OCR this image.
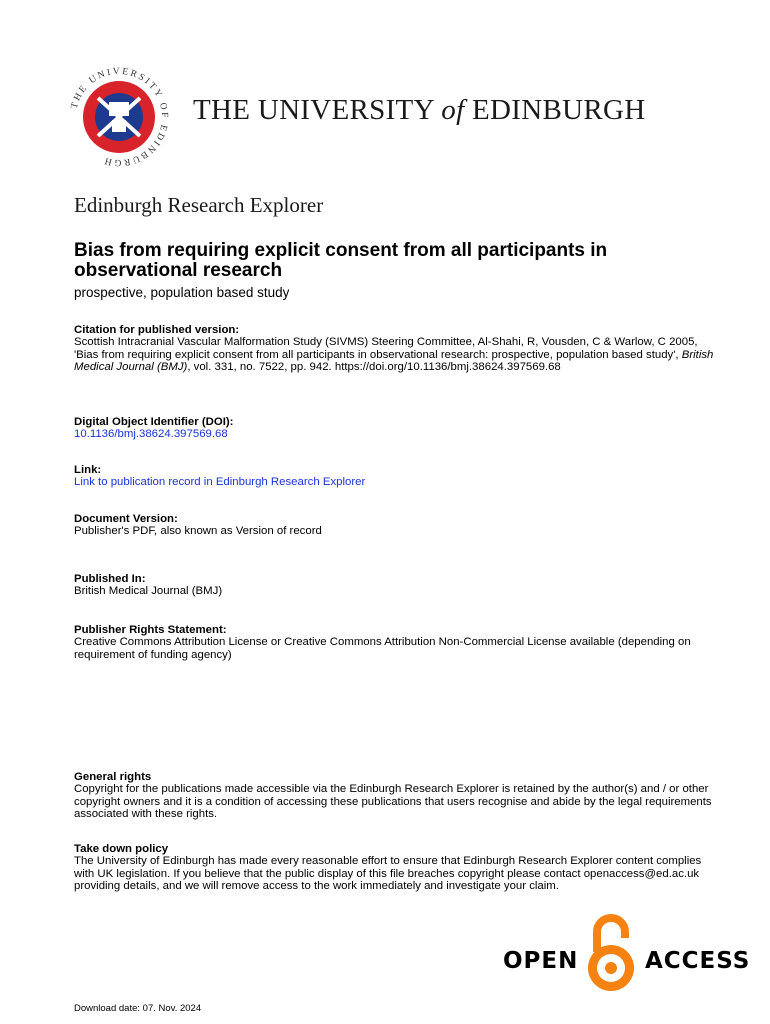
THE UNIVERSITY OF EDINBURGH
THE UNIVERSITY of EDINBURGH
Edinburgh Research Explorer
Bias from requiring explicit consent from all participants in observational research

prospective, population based study

Citation for published version:
Scottish Intracranial Vascular Malformation Study (SIVMS) Steering Committee, Al-Shahi, R, Vousden, C & Warlow, C 2005, 'Bias from requiring explicit consent from all participants in observational research: prospective, population based study', British Medical Journal (BMJ), vol. 331, no. 7522, pp. 942. https://doi.org/10.1136/bmj.38624.397569.68
Digital Object Identifier (DOI):
10.1136/bmj.38624.397569.68
Link:
Link to publication record in Edinburgh Research Explorer
Document Version:
Publisher's PDF, also known as Version of record
Published In:
British Medical Journal (BMJ)
Publisher Rights Statement:
Creative Commons Attribution License or Creative Commons Attribution Non-Commercial License available (depending on requirement of funding agency)
General rights
Copyright for the publications made accessible via the Edinburgh Research Explorer is retained by the author(s) and / or other copyright owners and it is a condition of accessing these publications that users recognise and abide by the legal requirements associated with these rights.
Take down policy
The University of Edinburgh has made every reasonable effort to ensure that Edinburgh Research Explorer content complies with UK legislation. If you believe that the public display of this file breaches copyright please contact openaccess@ed.ac.uk providing details, and we will remove access to the work immediately and investigate your claim.
OPEN	ACCESS
Download date: 07. Nov. 2024
